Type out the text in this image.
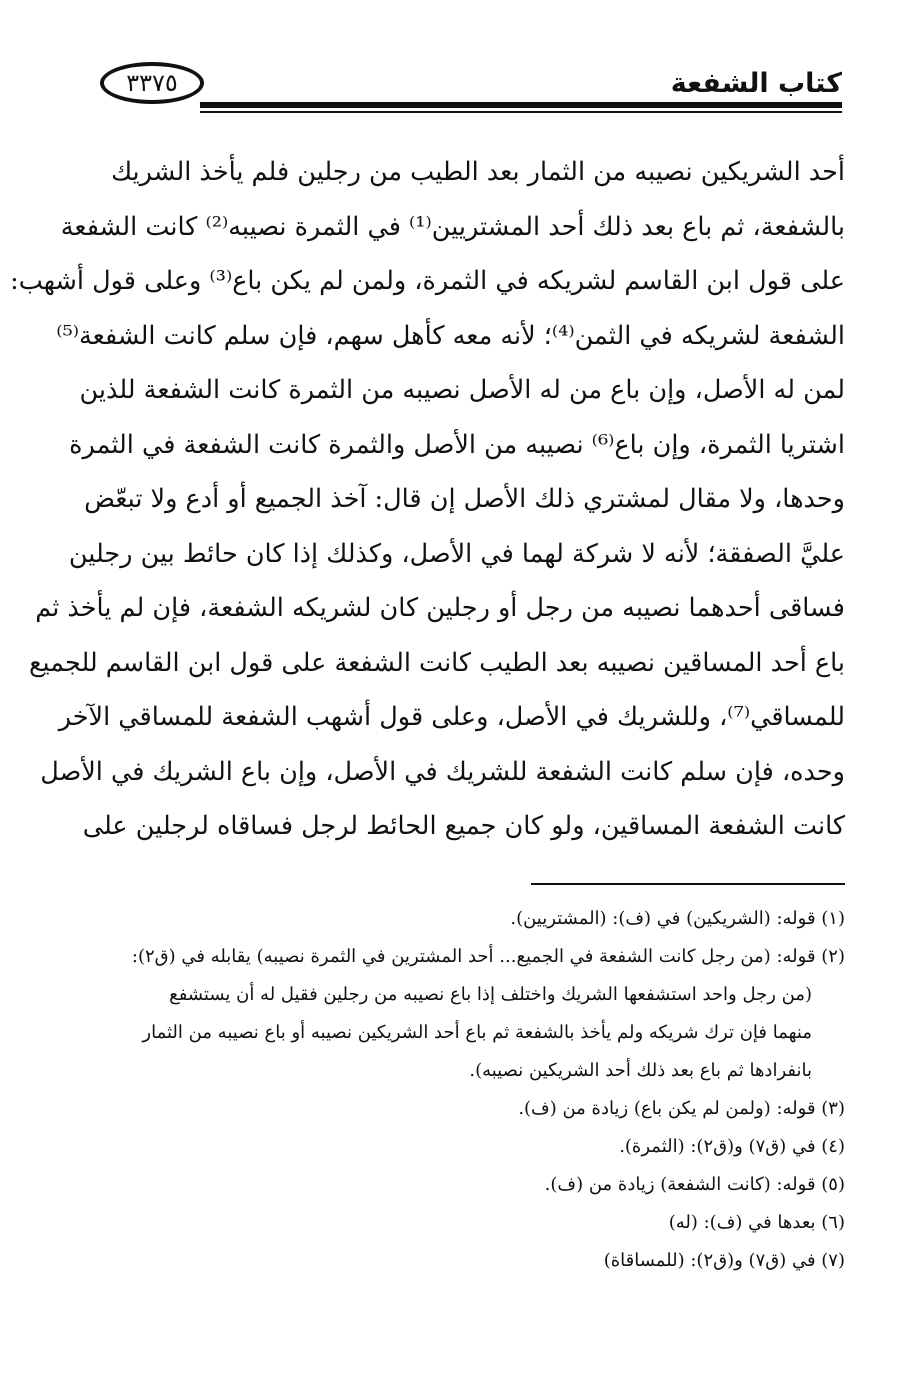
٣٣٧٥	كتاب الشفعة
أحد الشريكين نصيبه من الثمار بعد الطيب من رجلين فلم يأخذ الشريك
بالشفعة، ثم باع بعد ذلك أحد المشتريين⁽¹⁾ في الثمرة نصيبه⁽²⁾ كانت الشفعة
على قول ابن القاسم لشريكه في الثمرة، ولمن لم يكن باع⁽³⁾ وعلى قول أشهب:
الشفعة لشريكه في الثمن⁽⁴⁾؛ لأنه معه كأهل سهم، فإن سلم كانت الشفعة⁽⁵⁾
لمن له الأصل، وإن باع من له الأصل نصيبه من الثمرة كانت الشفعة للذين
اشتريا الثمرة، وإن باع⁽⁶⁾ نصيبه من الأصل والثمرة كانت الشفعة في الثمرة
وحدها، ولا مقال لمشتري ذلك الأصل إن قال: آخذ الجميع أو أدع ولا تبعّض
عليَّ الصفقة؛ لأنه لا شركة لهما في الأصل، وكذلك إذا كان حائط بين رجلين
فساقى أحدهما نصيبه من رجل أو رجلين كان لشريكه الشفعة، فإن لم يأخذ ثم
باع أحد المساقين نصيبه بعد الطيب كانت الشفعة على قول ابن القاسم للجميع
للمساقي⁽⁷⁾، وللشريك في الأصل، وعلى قول أشهب الشفعة للمساقي الآخر
وحده، فإن سلم كانت الشفعة للشريك في الأصل، وإن باع الشريك في الأصل
كانت الشفعة المساقين، ولو كان جميع الحائط لرجل فساقاه لرجلين على
(١) قوله: (الشريكين) في (ف): (المشتريين).
(٢) قوله: (من رجل كانت الشفعة في الجميع... أحد المشترين في الثمرة نصيبه) يقابله في (ق٢):
(من رجل واحد استشفعها الشريك واختلف إذا باع نصيبه من رجلين فقيل له أن يستشفع
منهما فإن ترك شريكه ولم يأخذ بالشفعة ثم باع أحد الشريكين نصيبه أو باع نصيبه من الثمار
بانفرادها ثم باع بعد ذلك أحد الشريكين نصيبه).
(٣) قوله: (ولمن لم يكن باع) زيادة من (ف).
(٤) في (ق٧) و(ق٢): (الثمرة).
(٥) قوله: (كانت الشفعة) زيادة من (ف).
(٦) بعدها في (ف): (له)
(٧) في (ق٧) و(ق٢): (للمساقاة)
